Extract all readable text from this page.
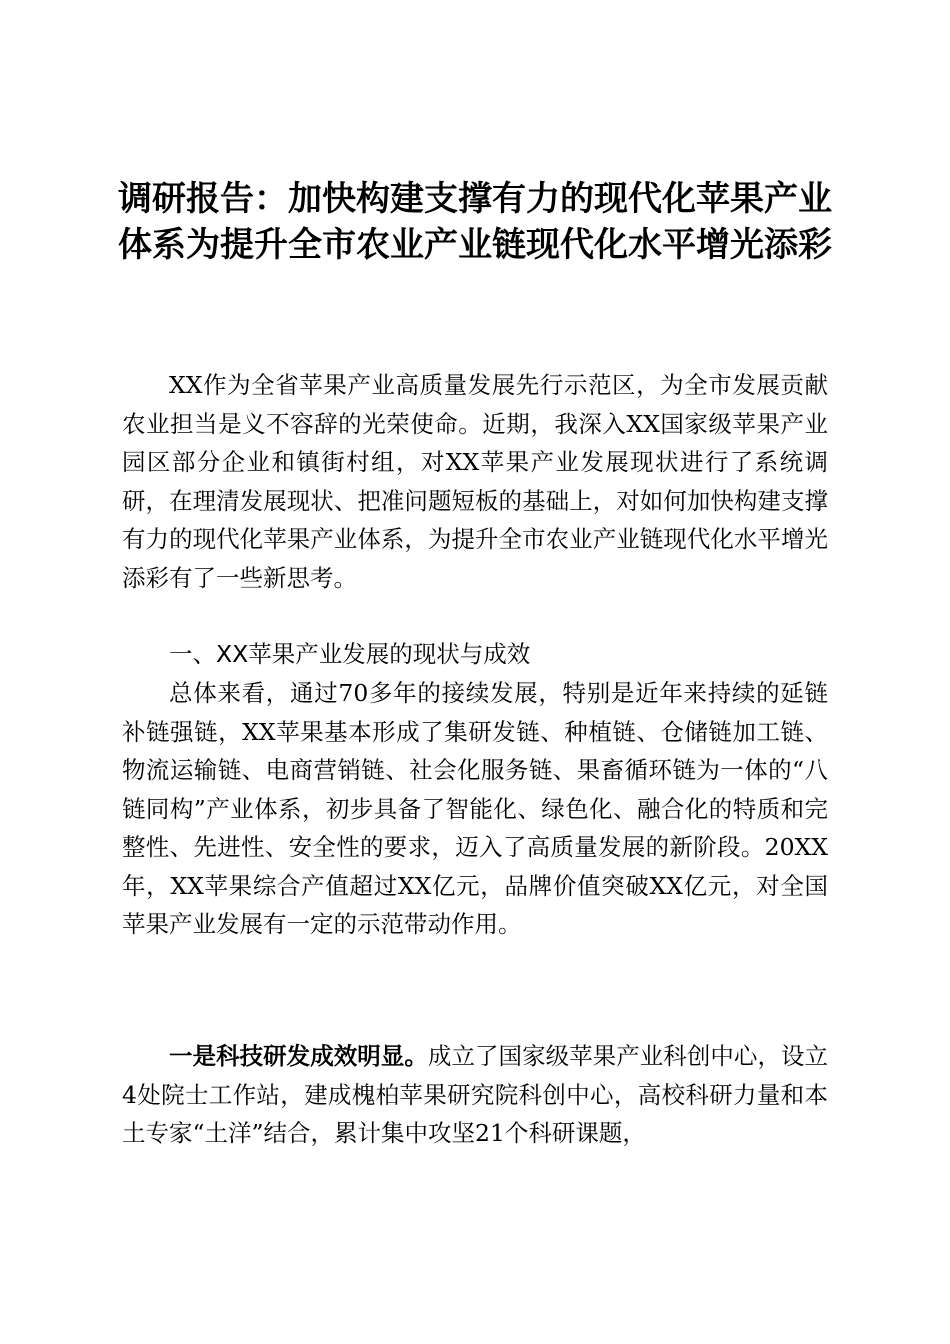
调研报告：加快构建支撑有力的现代化苹果产业体系为提升全市农业产业链现代化水平增光添彩

XX作为全省苹果产业高质量发展先行示范区，为全市发展贡献农业担当是义不容辞的光荣使命。近期，我深入XX国家级苹果产业园区部分企业和镇街村组，对XX苹果产业发展现状进行了系统调研，在理清发展现状、把准问题短板的基础上，对如何加快构建支撑有力的现代化苹果产业体系，为提升全市农业产业链现代化水平增光添彩有了一些新思考。

一、XX苹果产业发展的现状与成效

总体来看，通过70多年的接续发展，特别是近年来持续的延链补链强链，XX苹果基本形成了集研发链、种植链、仓储链加工链、物流运输链、电商营销链、社会化服务链、果畜循环链为一体的“八链同构”产业体系，初步具备了智能化、绿色化、融合化的特质和完整性、先进性、安全性的要求，迈入了高质量发展的新阶段。20XX年，XX苹果综合产值超过XX亿元，品牌价值突破XX亿元，对全国苹果产业发展有一定的示范带动作用。

一是科技研发成效明显。成立了国家级苹果产业科创中心，设立4处院士工作站，建成槐柏苹果研究院科创中心，高校科研力量和本土专家“土洋”结合，累计集中攻坚21个科研课题，
